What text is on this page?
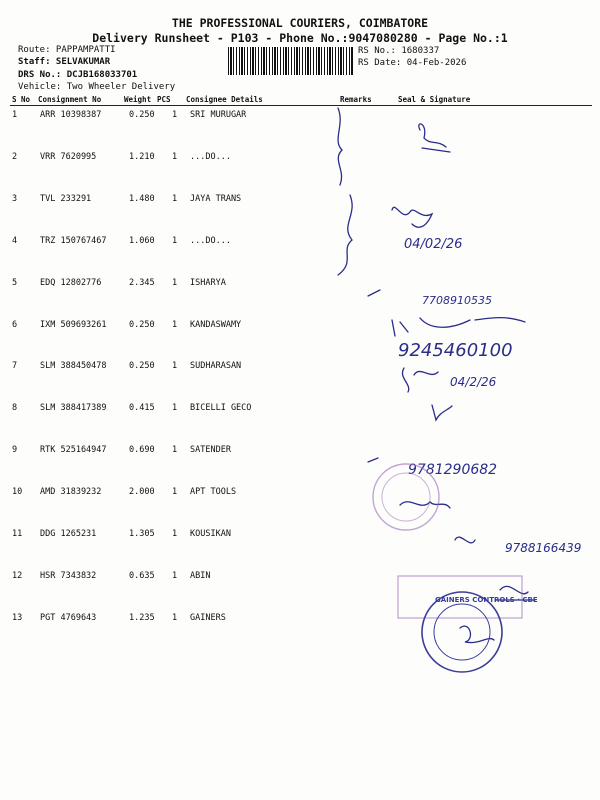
THE PROFESSIONAL COURIERS, COIMBATORE
Delivery Runsheet - P103 - Phone No.:9047080280 - Page No.:1
Route: PAPPAMPATTI
Staff: SELVAKUMAR
DRS No.: DCJB168033701
Vehicle: Two Wheeler Delivery
RS No.: 1680337
RS Date: 04-Feb-2026
S No Consignment No	Weight PCS Consignee Details	Remarks	Seal & Signature
1	ARR 10398387	0.250 1 SRI MURUGAR
2	VRR 7620995	1.210 1 ...DO...
3	TVL 233291	1.480 1 JAYA TRANS
4	TRZ 150767467	1.060 1 ...DO...
5	EDQ 12802776	2.345 1 ISHARYA
6	IXM 509693261	0.250 1 KANDASWAMY
7	SLM 388450478	0.250 1 SUDHARASAN
8	SLM 388417389	0.415 1 BICELLI GECO
9	RTK 525164947	0.690 1 SATENDER
10 AMD 31839232	2.000 1 APT TOOLS
11 DDG 1265231	1.305 1 KOUSIKAN
12 HSR 7343832	0.635 1 ABIN
13 PGT 4769643	1.235 1 GAINERS
04/02/26
7708910535
9245460100
04/2/26
9781290682
9788166439
GAINERS CONTROLS · CBE
